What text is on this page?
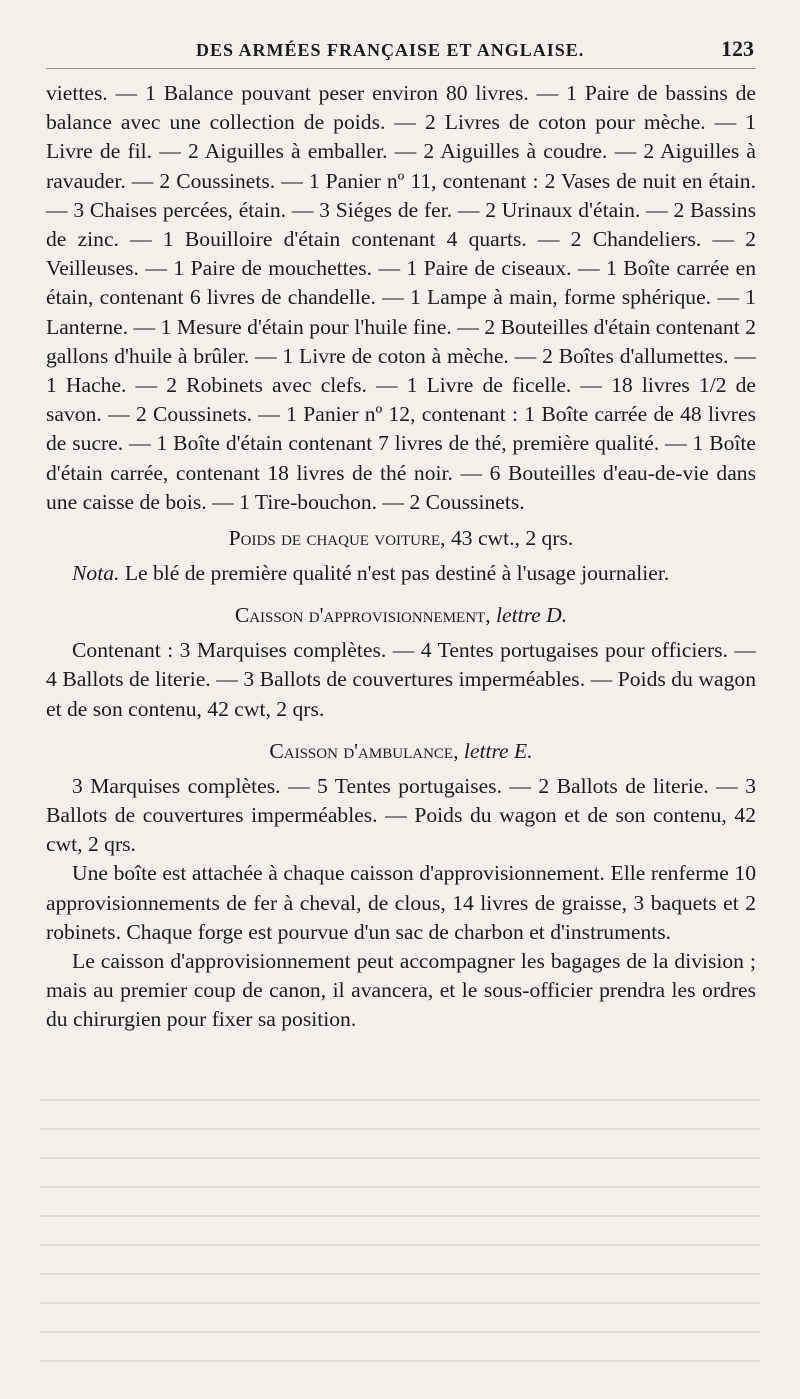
DES ARMÉES FRANÇAISE ET ANGLAISE.	123

viettes. — 1 Balance pouvant peser environ 80 livres. — 1 Paire de bassins de balance avec une collection de poids. — 2 Livres de coton pour mèche. — 1 Livre de fil. — 2 Aiguilles à emballer. — 2 Aiguilles à coudre. — 2 Aiguilles à ravauder. — 2 Coussinets. — 1 Panier nº 11, contenant : 2 Vases de nuit en étain. — 3 Chaises percées, étain. — 3 Siéges de fer. — 2 Urinaux d'étain. — 2 Bassins de zinc. — 1 Bouilloire d'étain contenant 4 quarts. — 2 Chandeliers. — 2 Veilleuses. — 1 Paire de mouchettes. — 1 Paire de ciseaux. — 1 Boîte carrée en étain, contenant 6 livres de chandelle. — 1 Lampe à main, forme sphérique. — 1 Lanterne. — 1 Mesure d'étain pour l'huile fine. — 2 Bouteilles d'étain contenant 2 gallons d'huile à brûler. — 1 Livre de coton à mèche. — 2 Boîtes d'allumettes. — 1 Hache. — 2 Robinets avec clefs. — 1 Livre de ficelle. — 18 livres 1/2 de savon. — 2 Coussinets. — 1 Panier nº 12, contenant : 1 Boîte carrée de 48 livres de sucre. — 1 Boîte d'étain contenant 7 livres de thé, première qualité. — 1 Boîte d'étain carrée, contenant 18 livres de thé noir. — 6 Bouteilles d'eau-de-vie dans une caisse de bois. — 1 Tire-bouchon. — 2 Coussinets.

Poids de chaque voiture, 43 cwt., 2 qrs.

Nota. Le blé de première qualité n'est pas destiné à l'usage journalier.

Caisson d'approvisionnement, lettre D.

Contenant : 3 Marquises complètes. — 4 Tentes portugaises pour officiers. — 4 Ballots de literie. — 3 Ballots de couvertures imperméables. — Poids du wagon et de son contenu, 42 cwt, 2 qrs.

Caisson d'ambulance, lettre E.

3 Marquises complètes. — 5 Tentes portugaises. — 2 Ballots de literie. — 3 Ballots de couvertures imperméables. — Poids du wagon et de son contenu, 42 cwt, 2 qrs.

Une boîte est attachée à chaque caisson d'approvisionnement. Elle renferme 10 approvisionnements de fer à cheval, de clous, 14 livres de graisse, 3 baquets et 2 robinets. Chaque forge est pourvue d'un sac de charbon et d'instruments.

Le caisson d'approvisionnement peut accompagner les bagages de la division ; mais au premier coup de canon, il avancera, et le sous-officier prendra les ordres du chirurgien pour fixer sa position.
